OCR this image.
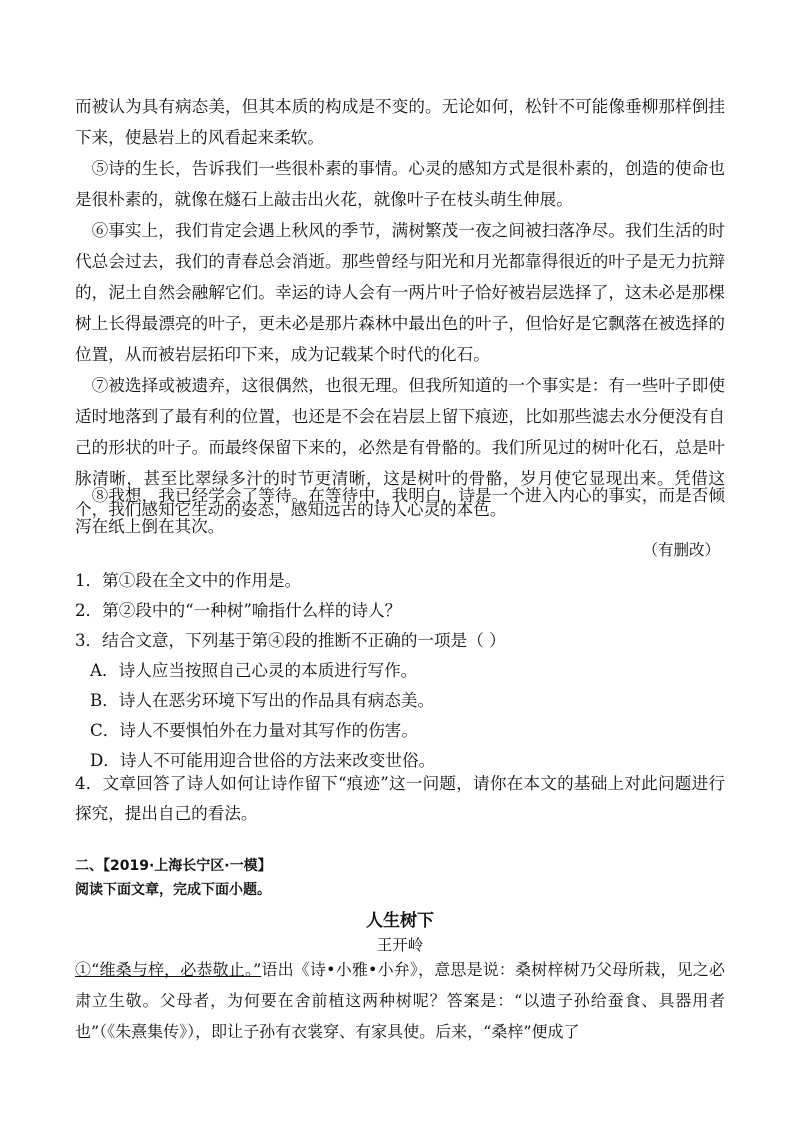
而被认为具有病态美，但其本质的构成是不变的。无论如何，松针不可能像垂柳那样倒挂下来，使悬岩上的风看起来柔软。

⑤诗的生长，告诉我们一些很朴素的事情。心灵的感知方式是很朴素的，创造的使命也是很朴素的，就像在燧石上敲击出火花，就像叶子在枝头萌生伸展。

⑥事实上，我们肯定会遇上秋风的季节，满树繁茂一夜之间被扫落净尽。我们生活的时代总会过去，我们的青春总会消逝。那些曾经与阳光和月光都靠得很近的叶子是无力抗辩的，泥土自然会融解它们。幸运的诗人会有一两片叶子恰好被岩层选择了，这未必是那棵树上长得最漂亮的叶子，更未必是那片森林中最出色的叶子，但恰好是它飘落在被选择的位置，从而被岩层拓印下来，成为记载某个时代的化石。

⑦被选择或被遗弃，这很偶然，也很无理。但我所知道的一个事实是：有一些叶子即使适时地落到了最有利的位置，也还是不会在岩层上留下痕迹，比如那些滤去水分便没有自己的形状的叶子。而最终保留下来的，必然是有骨骼的。我们所见过的树叶化石，总是叶脉清晰，甚至比翠绿多汁的时节更清晰，这是树叶的骨骼，岁月使它显现出来。凭借这个，我们感知它生动的姿态，感知远古的诗人心灵的本色。

⑧我想，我已经学会了等待。在等待中，我明白，诗是一个进入内心的事实，而是否倾泻在纸上倒在其次。

（有删改）

1．第①段在全文中的作用是。

2．第②段中的“一种树”喻指什么样的诗人？

3．结合文意，下列基于第④段的推断不正确的一项是（ ）

A．诗人应当按照自己心灵的本质进行写作。

B．诗人在恶劣环境下写出的作品具有病态美。

C．诗人不要惧怕外在力量对其写作的伤害。

D．诗人不可能用迎合世俗的方法来改变世俗。

4．文章回答了诗人如何让诗作留下“痕迹”这一问题，请你在本文的基础上对此问题进行探究，提出自己的看法。

二、【2019·上海长宁区·一模】

阅读下面文章，完成下面小题。

人生树下

王开岭

①“维桑与梓，必恭敬止。”语出《诗•小雅•小弁》，意思是说：桑树梓树乃父母所栽，见之必肃立生敬。父母者，为何要在舍前植这两种树呢？答案是：“以遗子孙给蚕食、具器用者也”（《朱熹集传》），即让子孙有衣裳穿、有家具使。后来，“桑梓”便成了
